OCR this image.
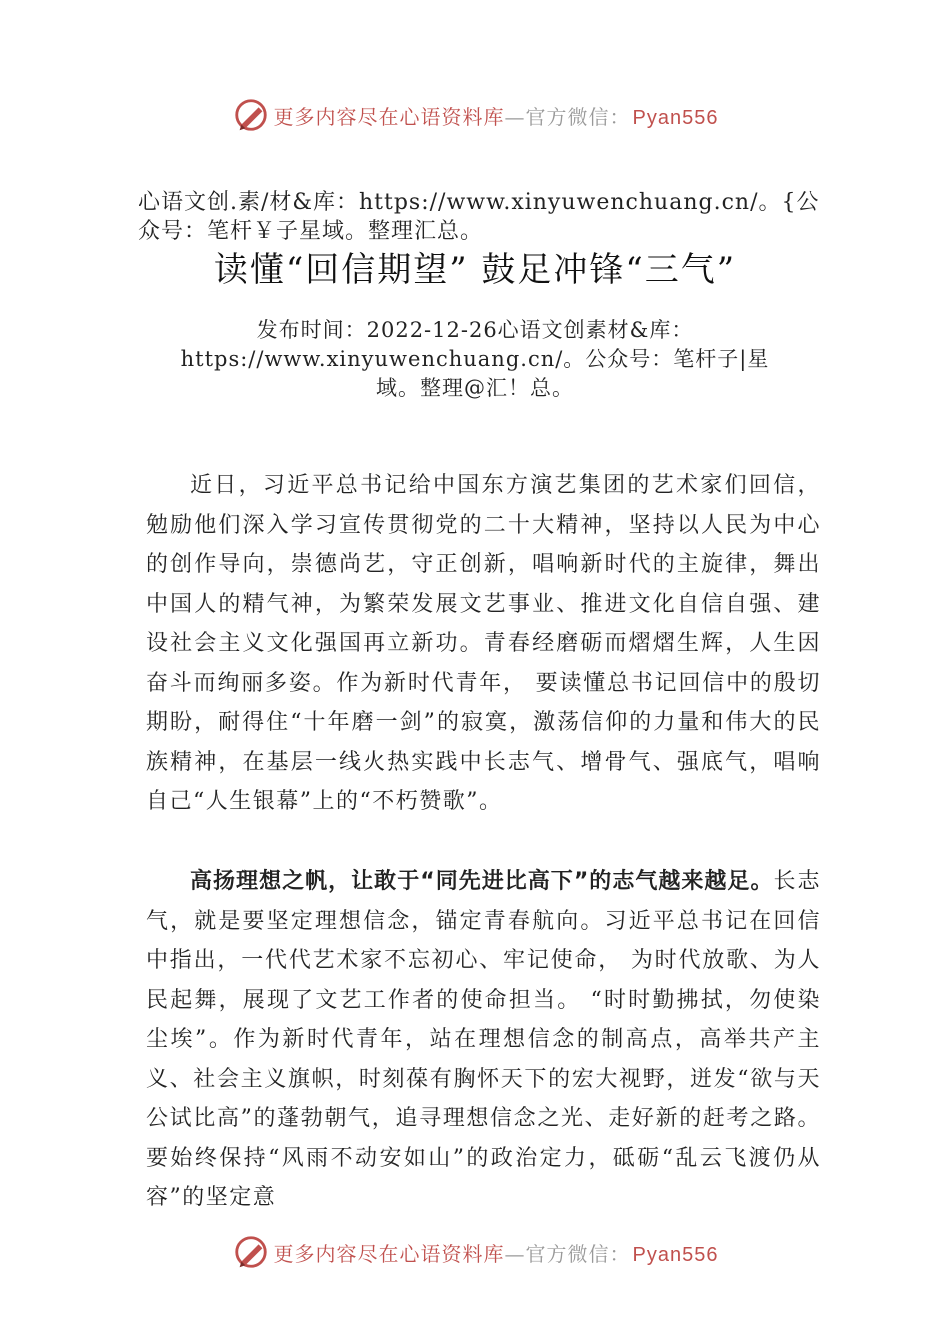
更多内容尽在心语资料库—官方微信： Pyan556

心语文创.素/材&库：https://www.xinyuwenchuang.cn/。{公众号：笔杆￥子星域。整理汇总。

读懂“回信期望” 鼓足冲锋“三气”

发布时间：2022-12-26心语文创素材&库：https://www.xinyuwenchuang.cn/。公众号：笔杆子|星域。整理@汇！总。

近日，习近平总书记给中国东方演艺集团的艺术家们回信，勉励他们深入学习宣传贯彻党的二十大精神，坚持以人民为中心的创作导向，崇德尚艺，守正创新，唱响新时代的主旋律，舞出中国人的精气神，为繁荣发展文艺事业、推进文化自信自强、建设社会主义文化强国再立新功。青春经磨砺而熠熠生辉，人生因奋斗而绚丽多姿。作为新时代青年， 要读懂总书记回信中的殷切期盼，耐得住“十年磨一剑”的寂寞，激荡信仰的力量和伟大的民族精神，在基层一线火热实践中长志气、增骨气、强底气，唱响自己“人生银幕”上的“不朽赞歌”。

高扬理想之帆，让敢于“同先进比高下”的志气越来越足。长志气，就是要坚定理想信念，锚定青春航向。习近平总书记在回信中指出，一代代艺术家不忘初心、牢记使命， 为时代放歌、为人民起舞，展现了文艺工作者的使命担当。 “时时勤拂拭，勿使染尘埃”。作为新时代青年，站在理想信念的制高点，高举共产主义、社会主义旗帜，时刻葆有胸怀天下的宏大视野，迸发“欲与天公试比高”的蓬勃朝气，追寻理想信念之光、走好新的赶考之路。要始终保持“风雨不动安如山”的政治定力，砥砺“乱云飞渡仍从容”的坚定意

更多内容尽在心语资料库—官方微信： Pyan556
